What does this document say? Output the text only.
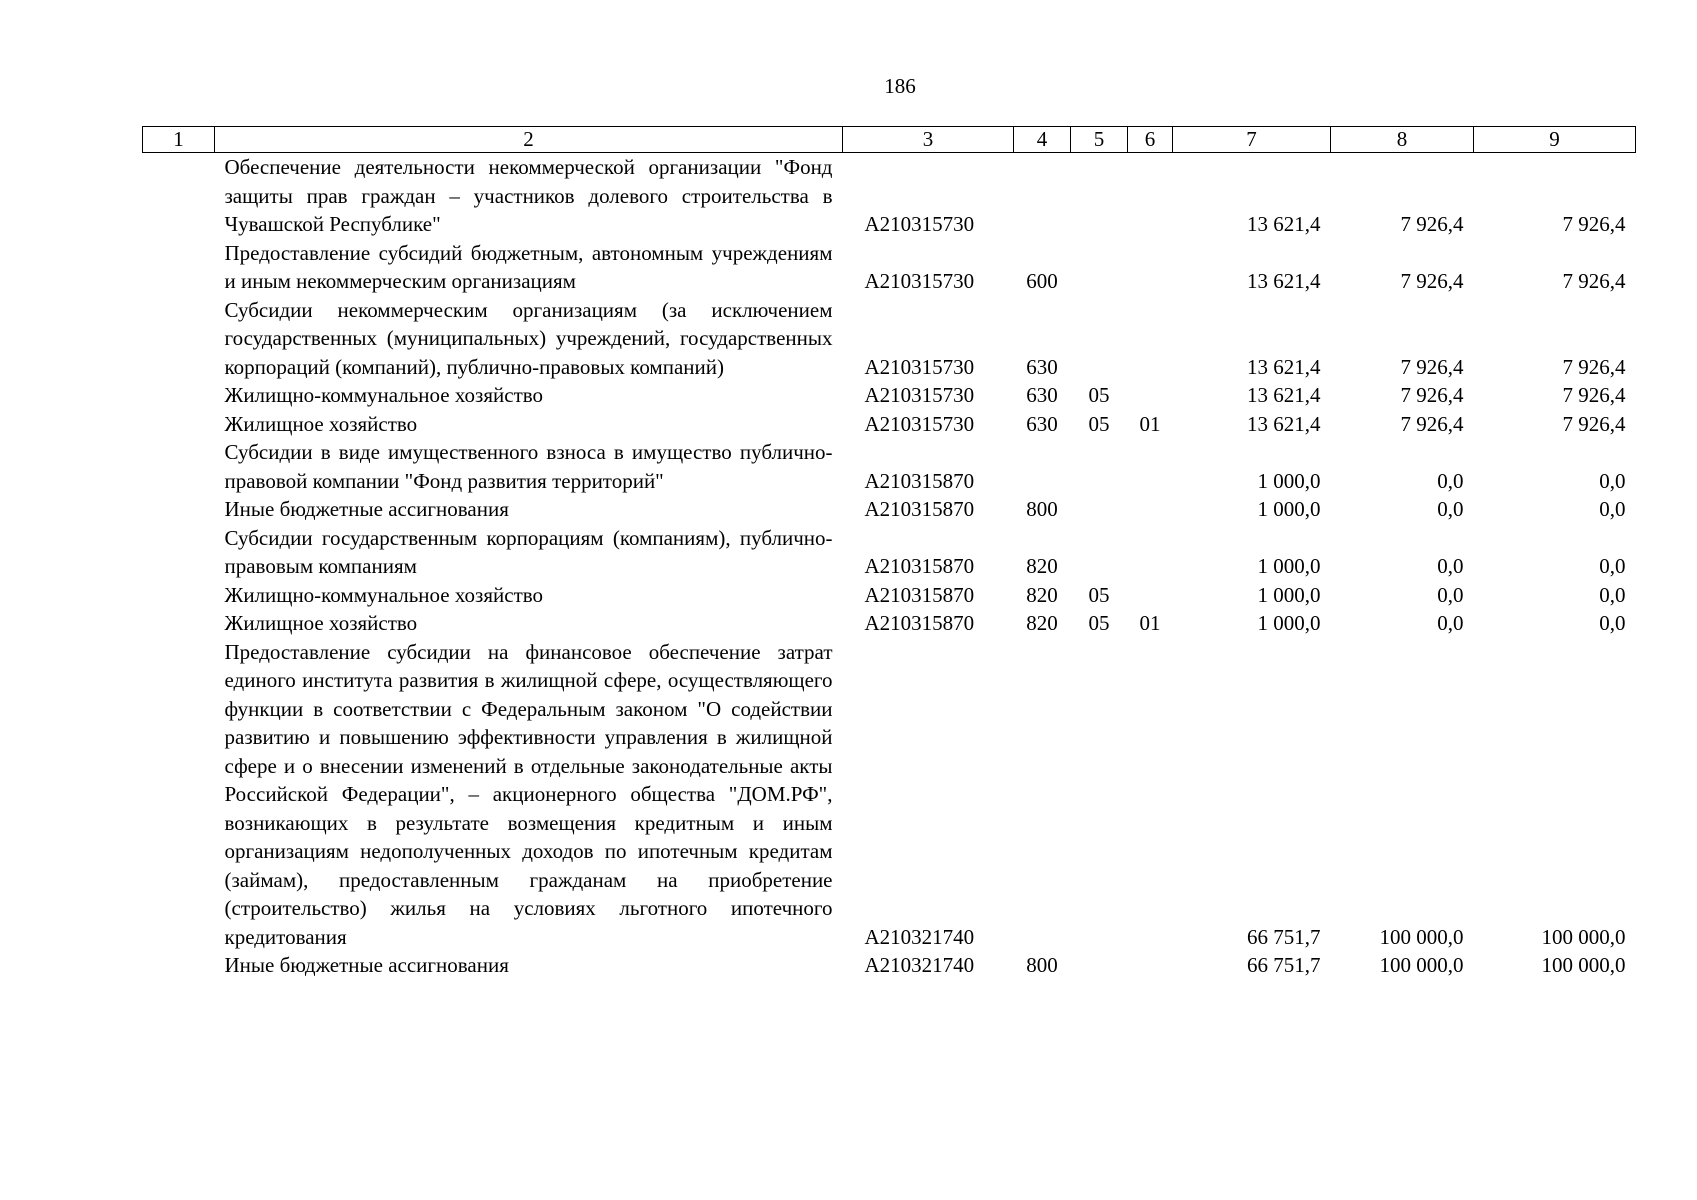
186
1	2	3	4	5	6	7	8	9
	Обеспечение деятельности некоммерческой организации "Фонд защиты прав граждан – участников долевого строительства в Чувашской Республике"	A210315730				13 621,4	7 926,4	7 926,4
	Предоставление субсидий бюджетным, автономным учреждениям и иным некоммерческим организациям	A210315730	600			13 621,4	7 926,4	7 926,4
	Субсидии некоммерческим организациям (за исключением государственных (муниципальных) учреждений, государственных корпораций (компаний), публично-правовых компаний)	A210315730	630			13 621,4	7 926,4	7 926,4
	Жилищно-коммунальное хозяйство	A210315730	630	05		13 621,4	7 926,4	7 926,4
	Жилищное хозяйство	A210315730	630	05	01	13 621,4	7 926,4	7 926,4
	Субсидии в виде имущественного взноса в имущество публично-правовой компании "Фонд развития территорий"	A210315870				1 000,0	0,0	0,0
	Иные бюджетные ассигнования	A210315870	800			1 000,0	0,0	0,0
	Субсидии государственным корпорациям (компаниям), публично-правовым компаниям	A210315870	820			1 000,0	0,0	0,0
	Жилищно-коммунальное хозяйство	A210315870	820	05		1 000,0	0,0	0,0
	Жилищное хозяйство	A210315870	820	05	01	1 000,0	0,0	0,0
	Предоставление субсидии на финансовое обеспечение затрат единого института развития в жилищной сфере, осуществляющего функции в соответствии с Федеральным законом "О содействии развитию и повышению эффективности управления в жилищной сфере и о внесении изменений в отдельные законодательные акты Российской Федерации", – акционерного общества "ДОМ.РФ", возникающих в результате возмещения кредитным и иным организациям недополученных доходов по ипотечным кредитам (займам), предоставленным гражданам на приобретение (строительство) жилья на условиях льготного ипотечного кредитования	A210321740				66 751,7	100 000,0	100 000,0
	Иные бюджетные ассигнования	A210321740	800			66 751,7	100 000,0	100 000,0
